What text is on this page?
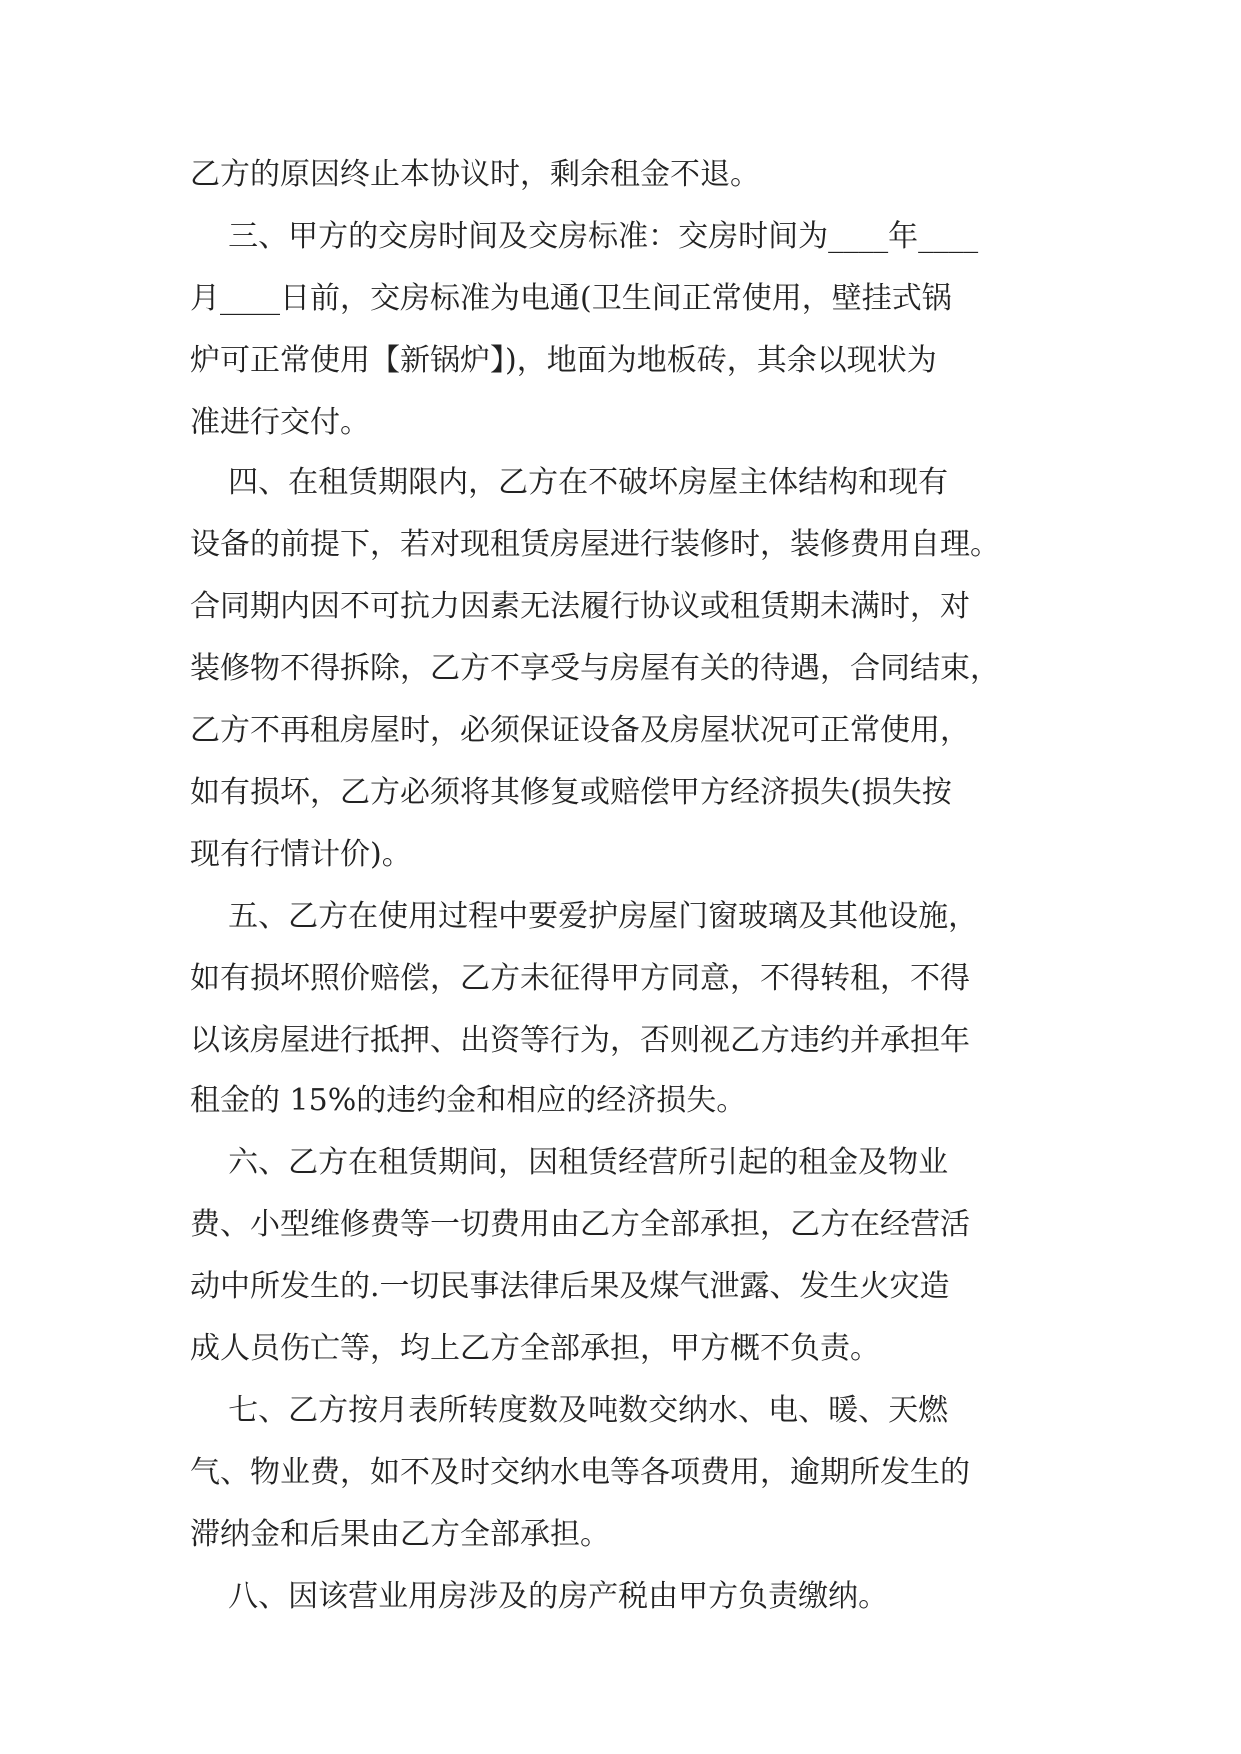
乙方的原因终止本协议时，剩余租金不退。
三、甲方的交房时间及交房标准：交房时间为____年____
月____日前，交房标准为电通(卫生间正常使用，壁挂式锅
炉可正常使用【新锅炉】)，地面为地板砖，其余以现状为
准进行交付。
四、在租赁期限内，乙方在不破坏房屋主体结构和现有
设备的前提下，若对现租赁房屋进行装修时，装修费用自理。
合同期内因不可抗力因素无法履行协议或租赁期未满时，对
装修物不得拆除，乙方不享受与房屋有关的待遇，合同结束，
乙方不再租房屋时，必须保证设备及房屋状况可正常使用，
如有损坏，乙方必须将其修复或赔偿甲方经济损失(损失按
现有行情计价)。
五、乙方在使用过程中要爱护房屋门窗玻璃及其他设施，
如有损坏照价赔偿，乙方未征得甲方同意，不得转租，不得
以该房屋进行抵押、出资等行为，否则视乙方违约并承担年
租金的 15%的违约金和相应的经济损失。
六、乙方在租赁期间，因租赁经营所引起的租金及物业
费、小型维修费等一切费用由乙方全部承担，乙方在经营活
动中所发生的.一切民事法律后果及煤气泄露、发生火灾造
成人员伤亡等，均上乙方全部承担，甲方概不负责。
七、乙方按月表所转度数及吨数交纳水、电、暖、天燃
气、物业费，如不及时交纳水电等各项费用，逾期所发生的
滞纳金和后果由乙方全部承担。
八、因该营业用房涉及的房产税由甲方负责缴纳。
